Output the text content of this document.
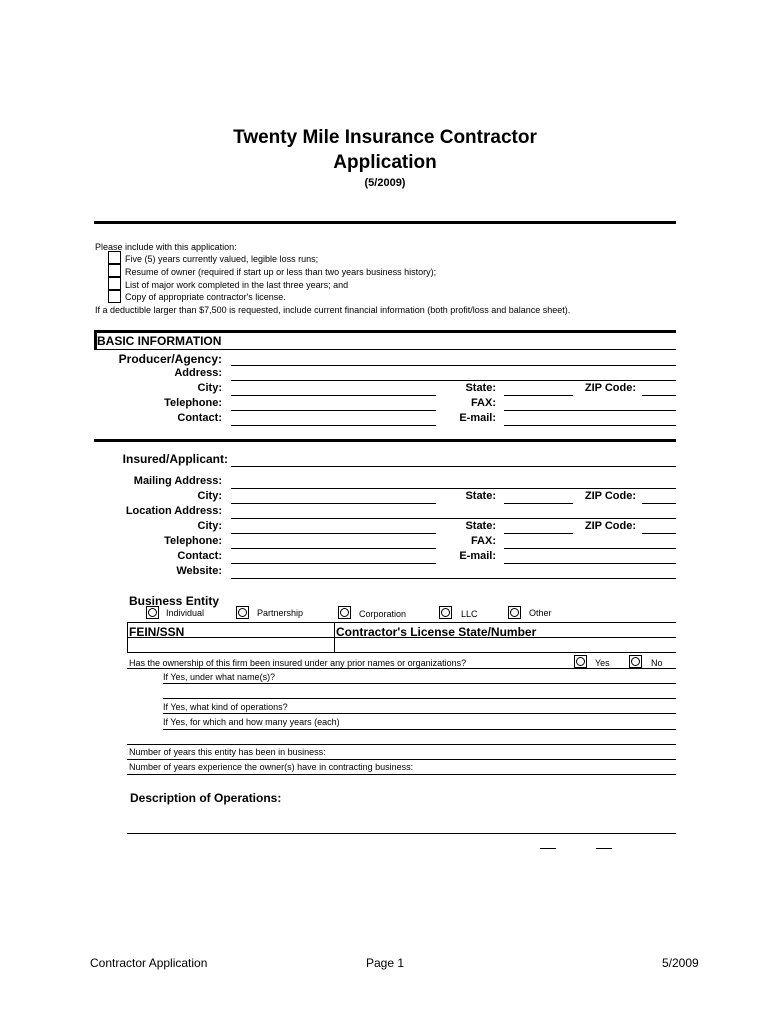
Twenty Mile Insurance Contractor
Application
(5/2009)
Please include with this application:
Five (5) years currently valued, legible loss runs;
Resume of owner (required if start up or less than two years business history);
List of major work completed in the last three years; and
Copy of appropriate contractor's license.
If a deductible larger than $7,500 is requested, include current financial information (both profit/loss and balance sheet).
BASIC INFORMATION
Producer/Agency:
Address:
City:	State:	ZIP Code:
Telephone:	FAX:
Contact:	E-mail:
Insured/Applicant:
Mailing Address:
City:	State:	ZIP Code:
Location Address:
City:	State:	ZIP Code:
Telephone:	FAX:
Contact:	E-mail:
Website:
Business Entity
Individual	Partnership	Corporation	LLC	Other
FEIN/SSN	Contractor's License State/Number
Has the ownership of this firm been insured under any prior names or organizations?	Yes	No
If Yes, under what name(s)?
If Yes, what kind of operations?
If Yes, for which and how many years (each)
Number of years this entity has been in business:
Number of years experience the owner(s) have in contracting business:
Description of Operations:
Contractor Application	Page 1	5/2009
